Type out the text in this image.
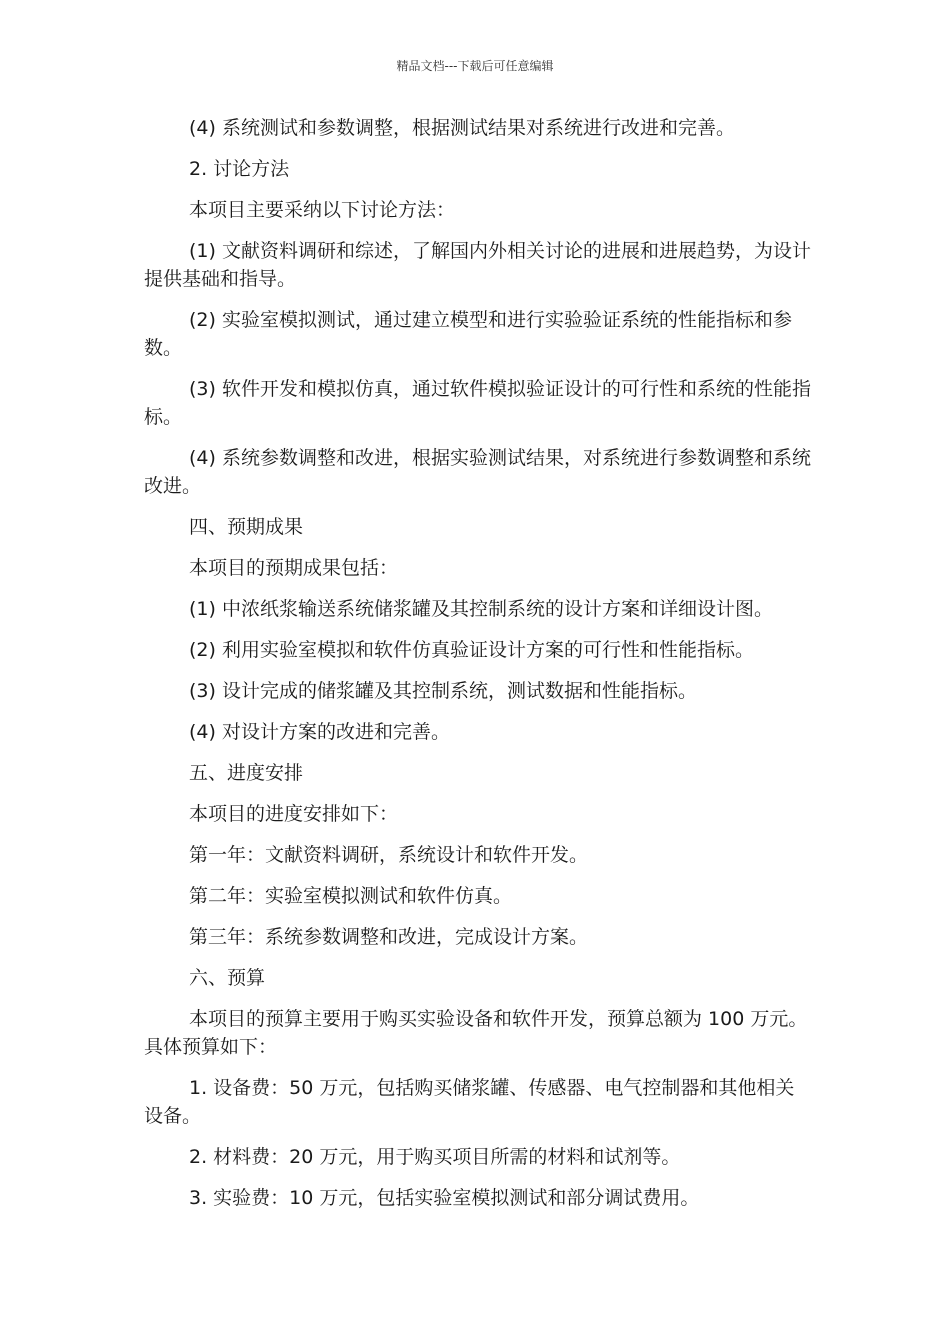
精品文档---下载后可任意编辑

(4) 系统测试和参数调整，根据测试结果对系统进行改进和完善。

2. 讨论方法

本项目主要采纳以下讨论方法：

(1) 文献资料调研和综述，了解国内外相关讨论的进展和进展趋势，为设计提供基础和指导。

(2) 实验室模拟测试，通过建立模型和进行实验验证系统的性能指标和参数。

(3) 软件开发和模拟仿真，通过软件模拟验证设计的可行性和系统的性能指标。

(4) 系统参数调整和改进，根据实验测试结果，对系统进行参数调整和系统改进。

四、预期成果

本项目的预期成果包括：

(1) 中浓纸浆输送系统储浆罐及其控制系统的设计方案和详细设计图。

(2) 利用实验室模拟和软件仿真验证设计方案的可行性和性能指标。

(3) 设计完成的储浆罐及其控制系统，测试数据和性能指标。

(4) 对设计方案的改进和完善。

五、进度安排

本项目的进度安排如下：

第一年：文献资料调研，系统设计和软件开发。

第二年：实验室模拟测试和软件仿真。

第三年：系统参数调整和改进，完成设计方案。

六、预算

本项目的预算主要用于购买实验设备和软件开发，预算总额为 100 万元。具体预算如下：

1. 设备费：50 万元，包括购买储浆罐、传感器、电气控制器和其他相关设备。

2. 材料费：20 万元，用于购买项目所需的材料和试剂等。

3. 实验费：10 万元，包括实验室模拟测试和部分调试费用。
